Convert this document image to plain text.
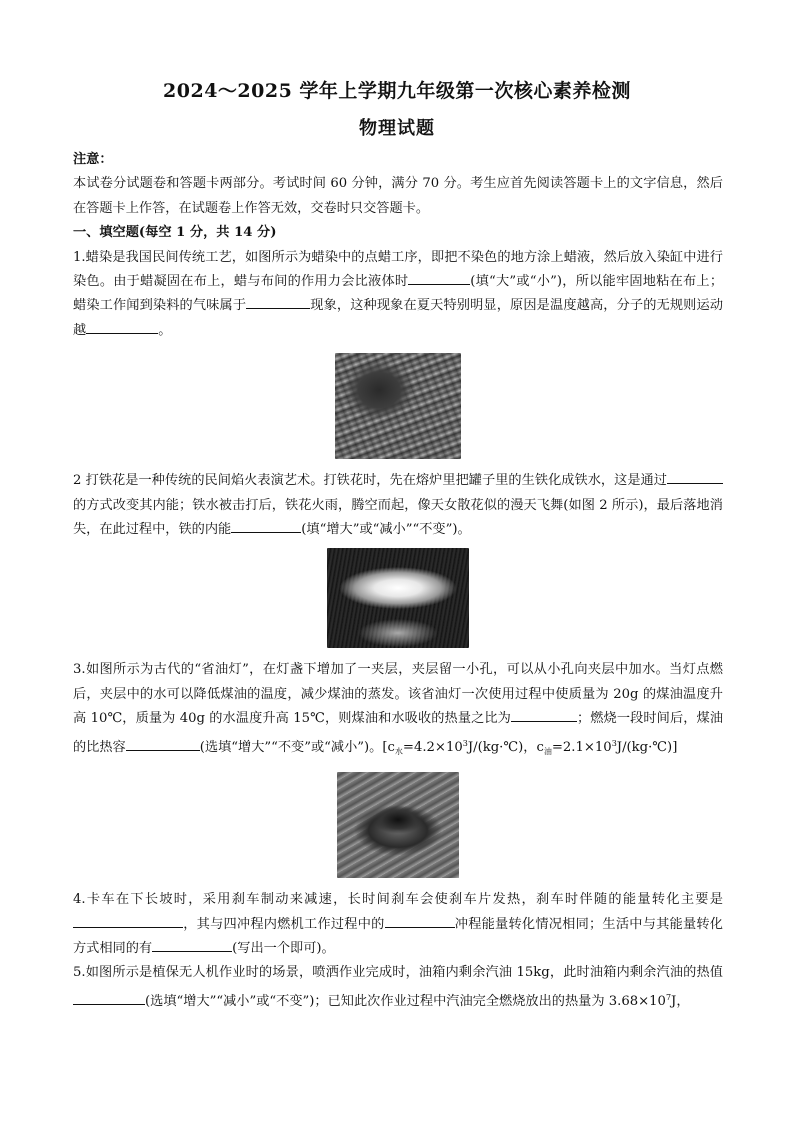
2024～2025 学年上学期九年级第一次核心素养检测
物理试题

注意：

本试卷分试题卷和答题卡两部分。考试时间 60 分钟，满分 70 分。考生应首先阅读答题卡上的文字信息，然后在答题卡上作答，在试题卷上作答无效，交卷时只交答题卡。

一、填空题(每空 1 分，共 14 分)

1.蜡染是我国民间传统工艺，如图所示为蜡染中的点蜡工序，即把不染色的地方涂上蜡液，然后放入染缸中进行染色。由于蜡凝固在布上，蜡与布间的作用力会比液体时	(填“大”或“小”)，所以能牢固地粘在布上；蜡染工作闻到染料的气味属于	现象，这种现象在夏天特别明显，原因是温度越高，分子的无规则运动越	。

2 打铁花是一种传统的民间焰火表演艺术。打铁花时，先在熔炉里把罐子里的生铁化成铁水，这是通过的方式改变其内能；铁水被击打后，铁花火雨，腾空而起，像天女散花似的漫天飞舞(如图 2 所示)，最后落地消失，在此过程中，铁的内能	(填“增大”或“减小”“不变”)。

3.如图所示为古代的“省油灯”，在灯盏下增加了一夹层，夹层留一小孔，可以从小孔向夹层中加水。当灯点燃后，夹层中的水可以降低煤油的温度，减少煤油的蒸发。该省油灯一次使用过程中使质量为 20g 的煤油温度升高 10℃，质量为 40g 的水温度升高 15℃，则煤油和水吸收的热量之比为	；燃烧一段时间后，煤油的比热容	(选填“增大”“不变”或“减小”)。[$c_水=4.2\times 10^3J/(kg\cdot℃)$，$c_油=2.1\times 10^3J/(kg\cdot℃)$]

4.卡车在下长坡时，采用刹车制动来减速，长时间刹车会使刹车片发热，刹车时伴随的能量转化主要是，其与四冲程内燃机工作过程中的	冲程能量转化情况相同；生活中与其能量转化方式相同的有	(写出一个即可)。

5.如图所示是植保无人机作业时的场景，喷洒作业完成时，油箱内剩余汽油 15kg，此时油箱内剩余汽油的热值(选填“增大”“减小”或“不变”)；已知此次作业过程中汽油完全燃烧放出的热量为 $3.68\times 10^7J$，
